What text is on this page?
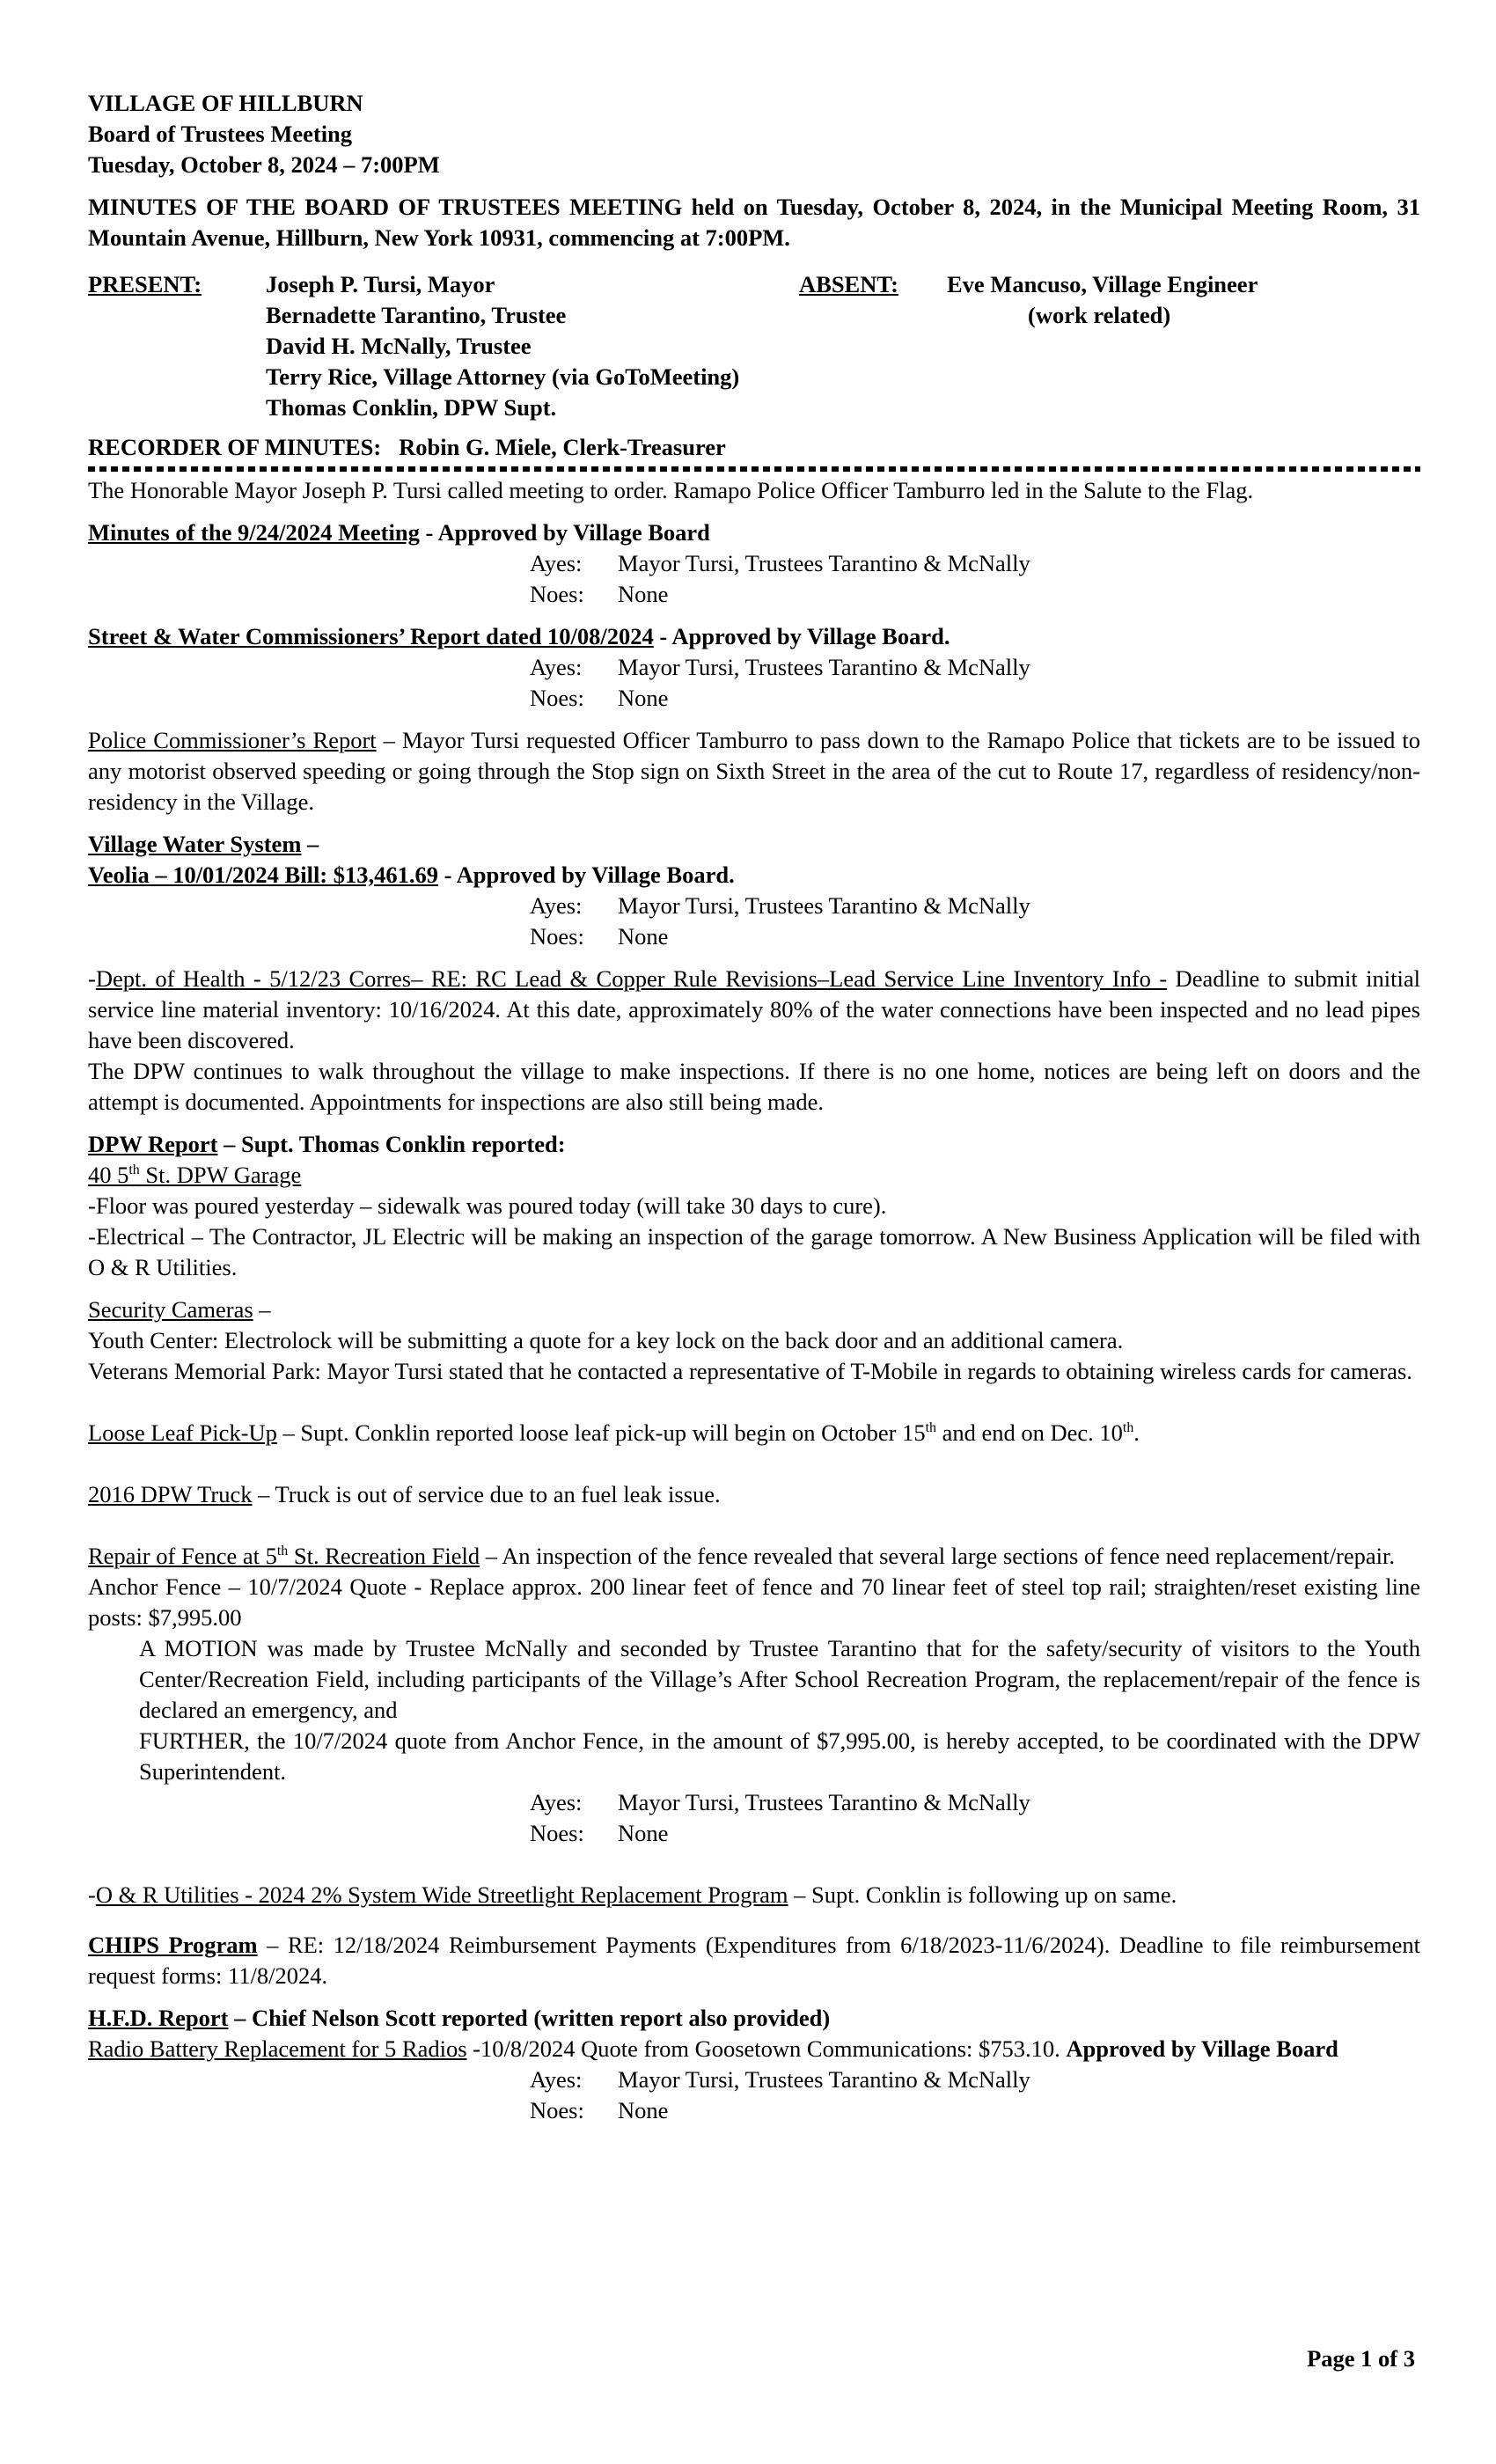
VILLAGE OF HILLBURN

Board of Trustees Meeting

Tuesday, October 8, 2024 – 7:00PM

MINUTES OF THE BOARD OF TRUSTEES MEETING held on Tuesday, October 8, 2024, in the Municipal Meeting Room, 31 Mountain Avenue, Hillburn, New York 10931, commencing at 7:00PM.

PRESENT:	Joseph P. Tursi, Mayor
Bernadette Tarantino, Trustee
David H. McNally, Trustee
Terry Rice, Village Attorney (via GoToMeeting)
Thomas Conklin, DPW Supt.
ABSENT: Eve Mancuso, Village Engineer
(work related)
RECORDER OF MINUTES: Robin G. Miele, Clerk-Treasurer

The Honorable Mayor Joseph P. Tursi called meeting to order. Ramapo Police Officer Tamburro led in the Salute to the Flag.

Minutes of the 9/24/2024 Meeting - Approved by Village Board

Ayes: Mayor Tursi, Trustees Tarantino & McNally
Noes: None

Street & Water Commissioners’ Report dated 10/08/2024 - Approved by Village Board.

Ayes: Mayor Tursi, Trustees Tarantino & McNally
Noes: None

Police Commissioner’s Report – Mayor Tursi requested Officer Tamburro to pass down to the Ramapo Police that tickets are to be issued to any motorist observed speeding or going through the Stop sign on Sixth Street in the area of the cut to Route 17, regardless of residency/non-residency in the Village.

Village Water System –

Veolia – 10/01/2024 Bill: $13,461.69 - Approved by Village Board.

Ayes: Mayor Tursi, Trustees Tarantino & McNally
Noes: None

-Dept. of Health - 5/12/23 Corres– RE: RC Lead & Copper Rule Revisions–Lead Service Line Inventory Info - Deadline to submit initial service line material inventory: 10/16/2024. At this date, approximately 80% of the water connections have been inspected and no lead pipes have been discovered.

The DPW continues to walk throughout the village to make inspections. If there is no one home, notices are being left on doors and the attempt is documented. Appointments for inspections are also still being made.

DPW Report – Supt. Thomas Conklin reported:

40 5th St. DPW Garage

-Floor was poured yesterday – sidewalk was poured today (will take 30 days to cure).

-Electrical – The Contractor, JL Electric will be making an inspection of the garage tomorrow. A New Business Application will be filed with O & R Utilities.

Security Cameras –

Youth Center: Electrolock will be submitting a quote for a key lock on the back door and an additional camera.

Veterans Memorial Park: Mayor Tursi stated that he contacted a representative of T-Mobile in regards to obtaining wireless cards for cameras.

Loose Leaf Pick-Up – Supt. Conklin reported loose leaf pick-up will begin on October 15th and end on Dec. 10th.

2016 DPW Truck – Truck is out of service due to an fuel leak issue.

Repair of Fence at 5th St. Recreation Field – An inspection of the fence revealed that several large sections of fence need replacement/repair.

Anchor Fence – 10/7/2024 Quote - Replace approx. 200 linear feet of fence and 70 linear feet of steel top rail; straighten/reset existing line posts: $7,995.00

A MOTION was made by Trustee McNally and seconded by Trustee Tarantino that for the safety/security of visitors to the Youth Center/Recreation Field, including participants of the Village’s After School Recreation Program, the replacement/repair of the fence is declared an emergency, and

FURTHER, the 10/7/2024 quote from Anchor Fence, in the amount of $7,995.00, is hereby accepted, to be coordinated with the DPW Superintendent.

Ayes: Mayor Tursi, Trustees Tarantino & McNally
Noes: None

-O & R Utilities - 2024 2% System Wide Streetlight Replacement Program – Supt. Conklin is following up on same.

CHIPS Program – RE: 12/18/2024 Reimbursement Payments (Expenditures from 6/18/2023-11/6/2024). Deadline to file reimbursement request forms: 11/8/2024.

H.F.D. Report – Chief Nelson Scott reported (written report also provided)

Radio Battery Replacement for 5 Radios -10/8/2024 Quote from Goosetown Communications: $753.10. Approved by Village Board

Ayes: Mayor Tursi, Trustees Tarantino & McNally
Noes: None
Page 1 of 3
